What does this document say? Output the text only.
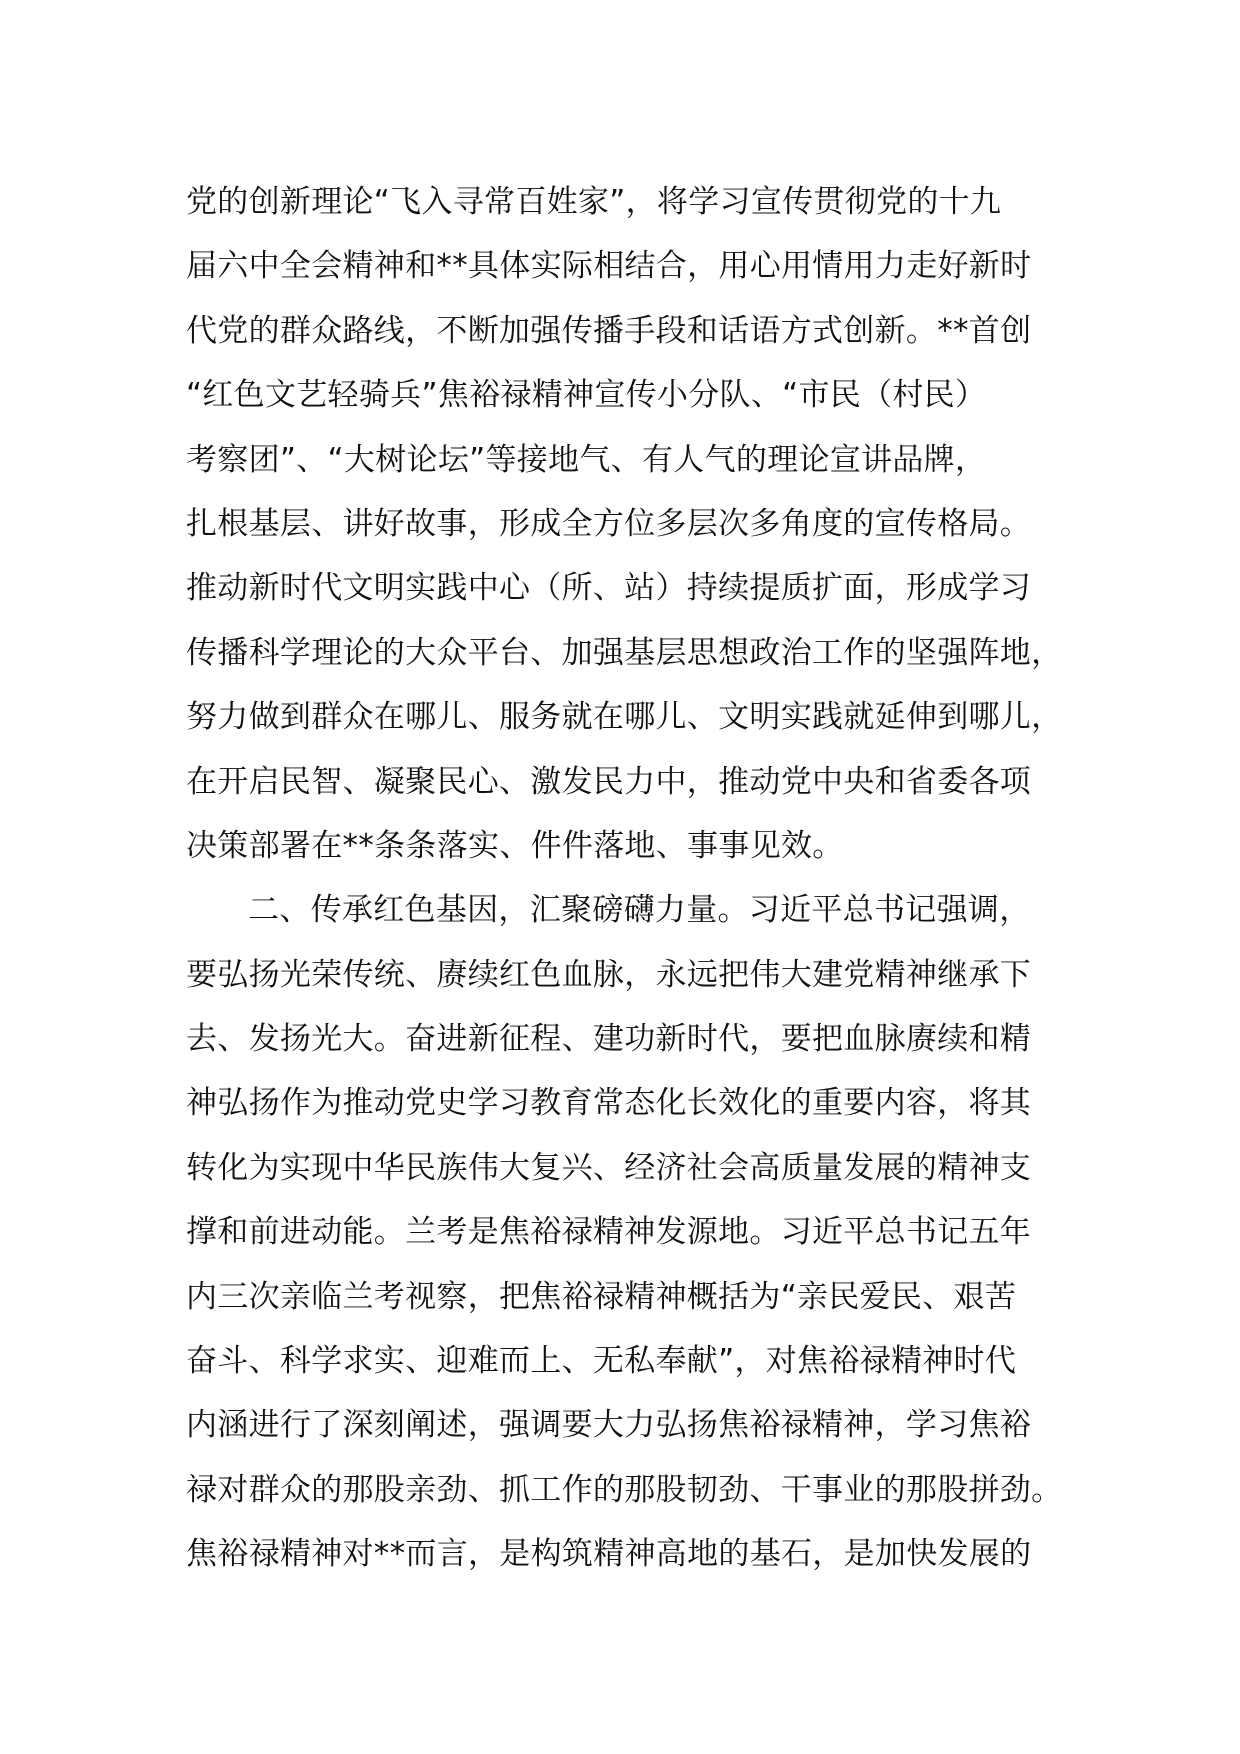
党的创新理论“飞入寻常百姓家”，将学习宣传贯彻党的十九
届六中全会精神和**具体实际相结合，用心用情用力走好新时
代党的群众路线，不断加强传播手段和话语方式创新。**首创
“红色文艺轻骑兵”焦裕禄精神宣传小分队、“市民（村民）
考察团”、“大树论坛”等接地气、有人气的理论宣讲品牌，
扎根基层、讲好故事，形成全方位多层次多角度的宣传格局。
推动新时代文明实践中心（所、站）持续提质扩面，形成学习
传播科学理论的大众平台、加强基层思想政治工作的坚强阵地，
努力做到群众在哪儿、服务就在哪儿、文明实践就延伸到哪儿，
在开启民智、凝聚民心、激发民力中，推动党中央和省委各项
决策部署在**条条落实、件件落地、事事见效。
二、传承红色基因，汇聚磅礴力量。习近平总书记强调，
要弘扬光荣传统、赓续红色血脉，永远把伟大建党精神继承下
去、发扬光大。奋进新征程、建功新时代，要把血脉赓续和精
神弘扬作为推动党史学习教育常态化长效化的重要内容，将其
转化为实现中华民族伟大复兴、经济社会高质量发展的精神支
撑和前进动能。兰考是焦裕禄精神发源地。习近平总书记五年
内三次亲临兰考视察，把焦裕禄精神概括为“亲民爱民、艰苦
奋斗、科学求实、迎难而上、无私奉献”，对焦裕禄精神时代
内涵进行了深刻阐述，强调要大力弘扬焦裕禄精神，学习焦裕
禄对群众的那股亲劲、抓工作的那股韧劲、干事业的那股拼劲。
焦裕禄精神对**而言，是构筑精神高地的基石，是加快发展的
